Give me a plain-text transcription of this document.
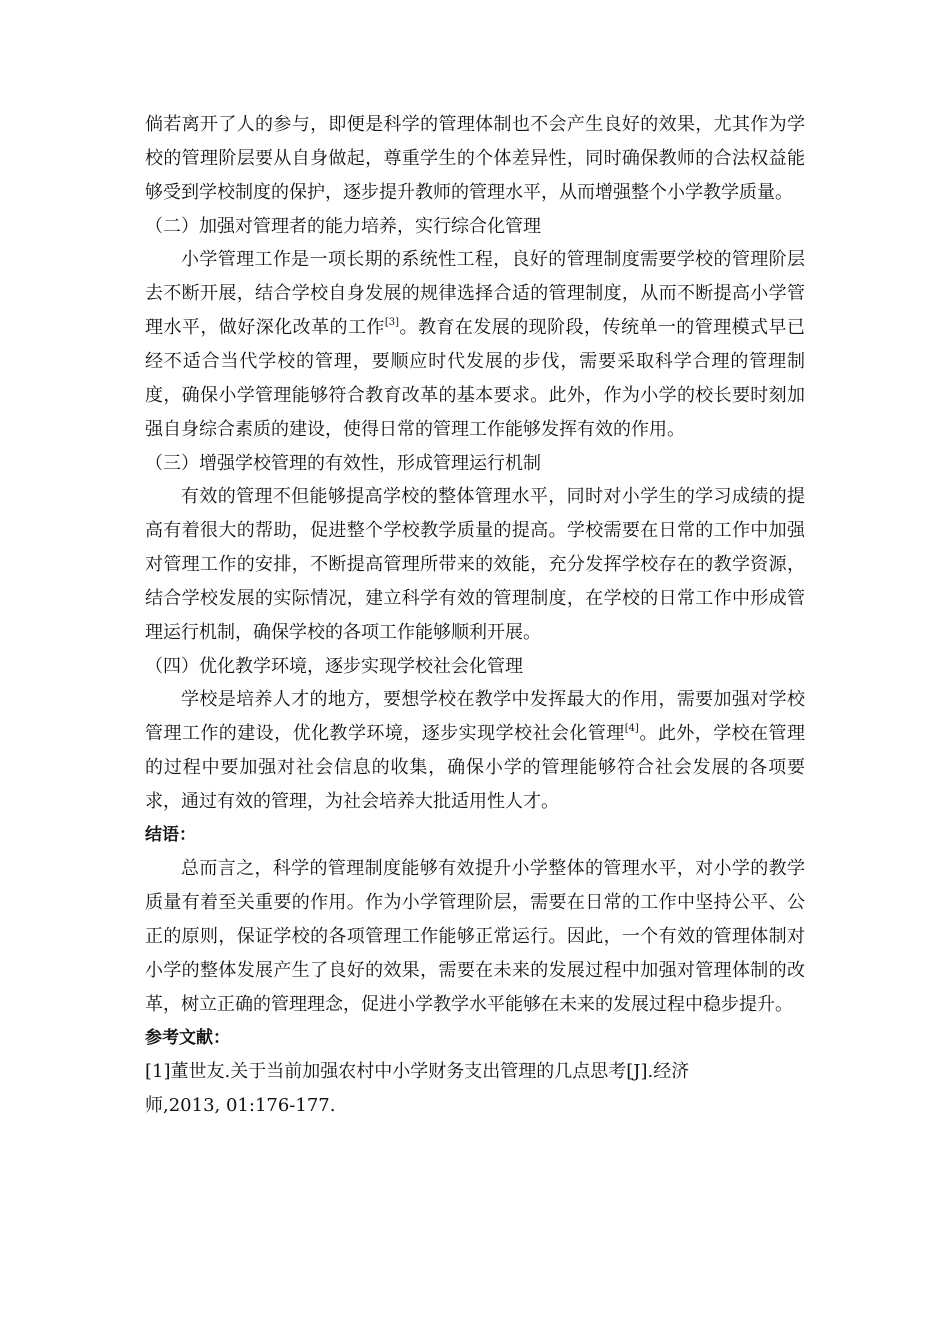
倘若离开了人的参与，即便是科学的管理体制也不会产生良好的效果，尤其作为学校的管理阶层要从自身做起，尊重学生的个体差异性，同时确保教师的合法权益能够受到学校制度的保护，逐步提升教师的管理水平，从而增强整个小学教学质量。

（二）加强对管理者的能力培养，实行综合化管理

小学管理工作是一项长期的系统性工程，良好的管理制度需要学校的管理阶层去不断开展，结合学校自身发展的规律选择合适的管理制度，从而不断提高小学管理水平，做好深化改革的工作[3]。教育在发展的现阶段，传统单一的管理模式早已经不适合当代学校的管理，要顺应时代发展的步伐，需要采取科学合理的管理制度，确保小学管理能够符合教育改革的基本要求。此外，作为小学的校长要时刻加强自身综合素质的建设，使得日常的管理工作能够发挥有效的作用。

（三）增强学校管理的有效性，形成管理运行机制

有效的管理不但能够提高学校的整体管理水平，同时对小学生的学习成绩的提高有着很大的帮助，促进整个学校教学质量的提高。学校需要在日常的工作中加强对管理工作的安排，不断提高管理所带来的效能，充分发挥学校存在的教学资源，结合学校发展的实际情况，建立科学有效的管理制度，在学校的日常工作中形成管理运行机制，确保学校的各项工作能够顺利开展。

（四）优化教学环境，逐步实现学校社会化管理

学校是培养人才的地方，要想学校在教学中发挥最大的作用，需要加强对学校管理工作的建设，优化教学环境，逐步实现学校社会化管理[4]。此外，学校在管理的过程中要加强对社会信息的收集，确保小学的管理能够符合社会发展的各项要求，通过有效的管理，为社会培养大批适用性人才。

结语：

总而言之，科学的管理制度能够有效提升小学整体的管理水平，对小学的教学质量有着至关重要的作用。作为小学管理阶层，需要在日常的工作中坚持公平、公正的原则，保证学校的各项管理工作能够正常运行。因此，一个有效的管理体制对小学的整体发展产生了良好的效果，需要在未来的发展过程中加强对管理体制的改革，树立正确的管理理念，促进小学教学水平能够在未来的发展过程中稳步提升。

参考文献：

[1]董世友.关于当前加强农村中小学财务支出管理的几点思考[J].经济

师,2013, 01:176-177.
